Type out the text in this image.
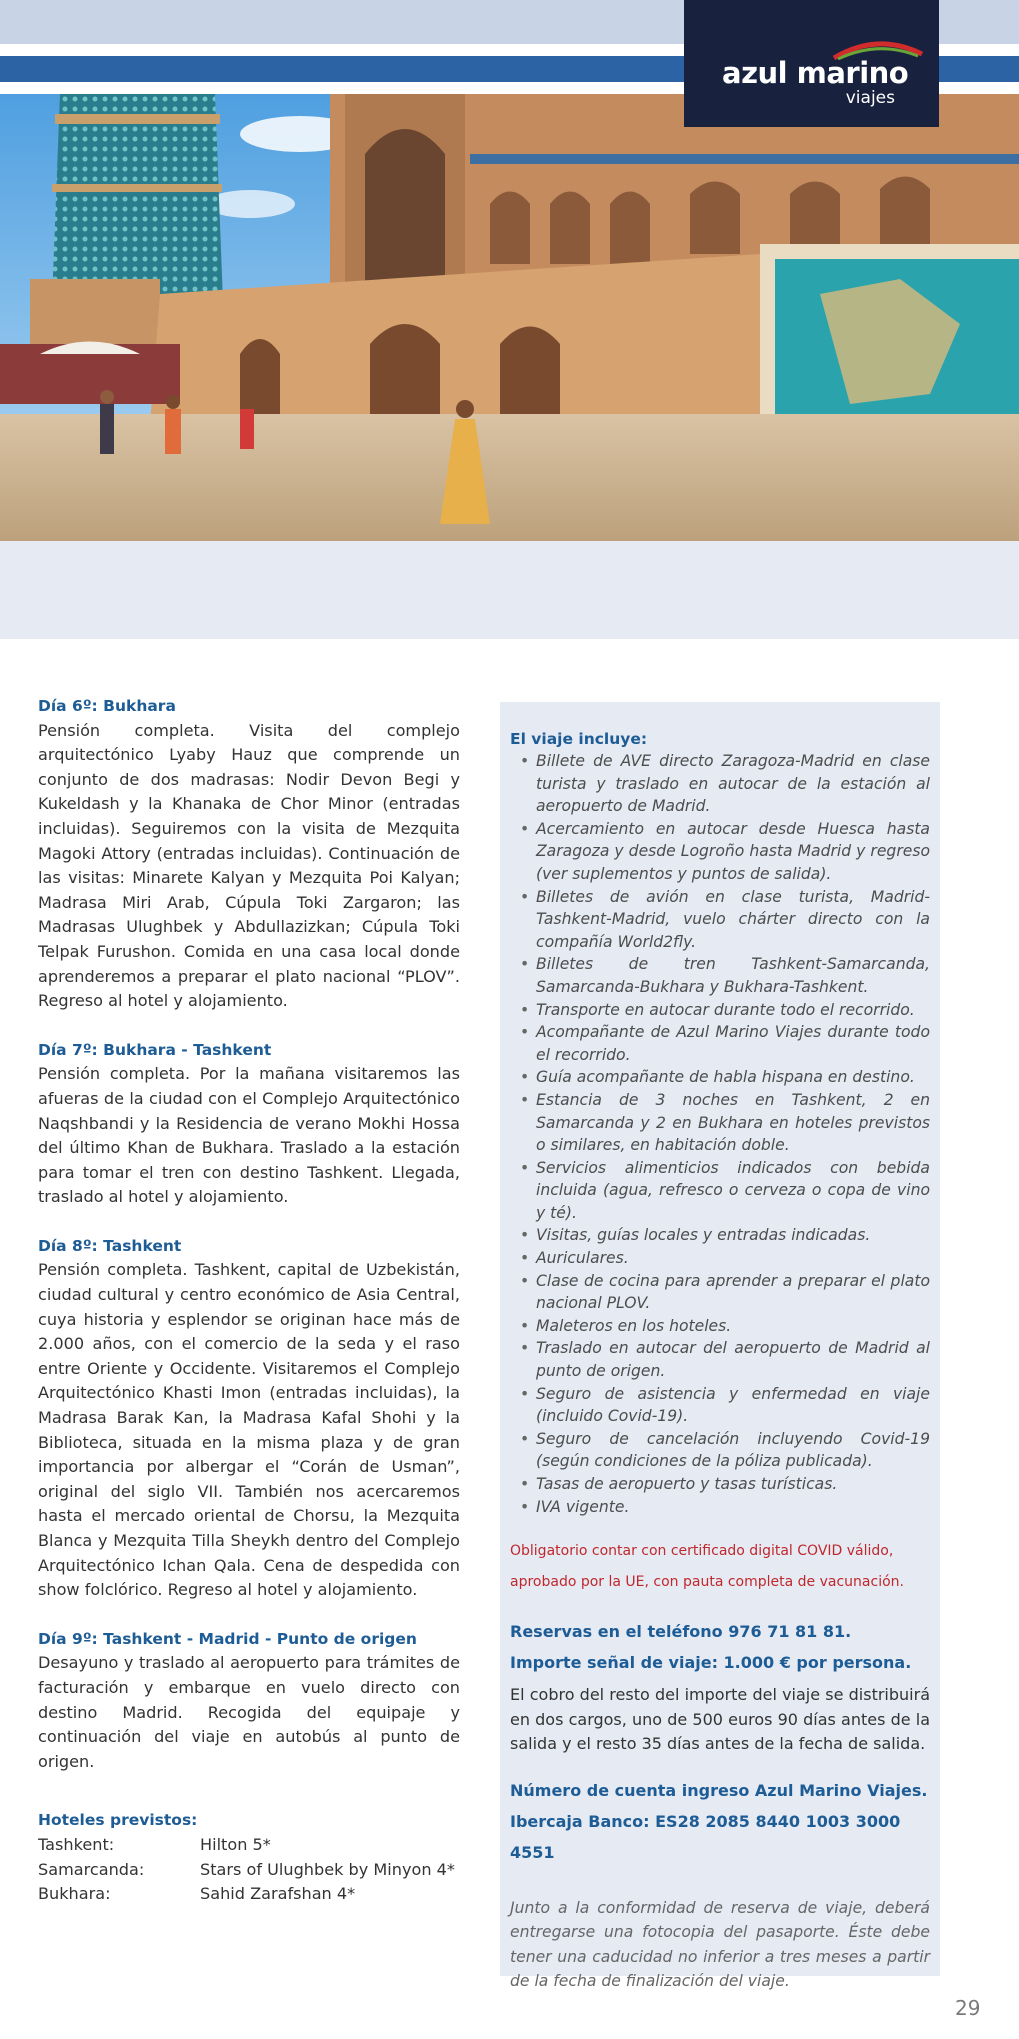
azul marino
viajes
Día 6º: Bukhara
Pensión completa. Visita del complejo arquitectónico Lyaby Hauz que comprende un conjunto de dos madrasas: Nodir Devon Begi y Kukeldash y la Khanaka de Chor Minor (entradas incluidas). Seguiremos con la visita de Mezquita Magoki Attory (entradas incluidas). Continuación de las visitas: Minarete Kalyan y Mezquita Poi Kalyan; Madrasa Miri Arab, Cúpula Toki Zargaron; las Madrasas Ulughbek y Abdullazizkan; Cúpula Toki Telpak Furushon. Comida en una casa local donde aprenderemos a preparar el plato nacional “PLOV”. Regreso al hotel y alojamiento.
Día 7º: Bukhara - Tashkent
Pensión completa. Por la mañana visitaremos las afueras de la ciudad con el Complejo Arquitectónico Naqshbandi y la Residencia de verano Mokhi Hossa del último Khan de Bukhara. Traslado a la estación para tomar el tren con destino Tashkent. Llegada, traslado al hotel y alojamiento.
Día 8º: Tashkent
Pensión completa. Tashkent, capital de Uzbekistán, ciudad cultural y centro económico de Asia Central, cuya historia y esplendor se originan hace más de 2.000 años, con el comercio de la seda y el raso entre Oriente y Occidente. Visitaremos el Complejo Arquitectónico Khasti Imon (entradas incluidas), la Madrasa Barak Kan, la Madrasa Kafal Shohi y la Biblioteca, situada en la misma plaza y de gran importancia por albergar el “Corán de Usman”, original del siglo VII. También nos acercaremos hasta el mercado oriental de Chorsu, la Mezquita Blanca y Mezquita Tilla Sheykh dentro del Complejo Arquitectónico Ichan Qala. Cena de despedida con show folclórico. Regreso al hotel y alojamiento.
Día 9º: Tashkent - Madrid - Punto de origen
Desayuno y traslado al aeropuerto para trámites de facturación y embarque en vuelo directo con destino Madrid. Recogida del equipaje y continuación del viaje en autobús al punto de origen.
Hoteles previstos:
Tashkent:	Hilton 5*
Samarcanda:	Stars of Ulughbek by Minyon 4*
Bukhara:	Sahid Zarafshan 4*
El viaje incluye:
• Billete de AVE directo Zaragoza-Madrid en clase turista y traslado en autocar de la estación al aeropuerto de Madrid.
• Acercamiento en autocar desde Huesca hasta Zaragoza y desde Logroño hasta Madrid y regreso (ver suplementos y puntos de salida).
• Billetes de avión en clase turista, Madrid-Tashkent-Madrid, vuelo chárter directo con la compañía World2fly.
• Billetes de tren Tashkent-Samarcanda, Samarcanda-Bukhara y Bukhara-Tashkent.
• Transporte en autocar durante todo el recorrido.
• Acompañante de Azul Marino Viajes durante todo el recorrido.
• Guía acompañante de habla hispana en destino.
• Estancia de 3 noches en Tashkent, 2 en Samarcanda y 2 en Bukhara en hoteles previstos o similares, en habitación doble.
• Servicios alimenticios indicados con bebida incluida (agua, refresco o cerveza o copa de vino y té).
• Visitas, guías locales y entradas indicadas.
• Auriculares.
• Clase de cocina para aprender a preparar el plato nacional PLOV.
• Maleteros en los hoteles.
• Traslado en autocar del aeropuerto de Madrid al punto de origen.
• Seguro de asistencia y enfermedad en viaje (incluido Covid-19).
• Seguro de cancelación incluyendo Covid-19 (según condiciones de la póliza publicada).
• Tasas de aeropuerto y tasas turísticas.
• IVA vigente.
Obligatorio contar con certificado digital COVID válido, aprobado por la UE, con pauta completa de vacunación.
Reservas en el teléfono 976 71 81 81.
Importe señal de viaje: 1.000 € por persona.
El cobro del resto del importe del viaje se distribuirá en dos cargos, uno de 500 euros 90 días antes de la salida y el resto 35 días antes de la fecha de salida.
Número de cuenta ingreso Azul Marino Viajes.
Ibercaja Banco: ES28 2085 8440 1003 3000 4551
Junto a la conformidad de reserva de viaje, deberá entregarse una fotocopia del pasaporte. Éste debe tener una caducidad no inferior a tres meses a partir de la fecha de finalización del viaje.
29
